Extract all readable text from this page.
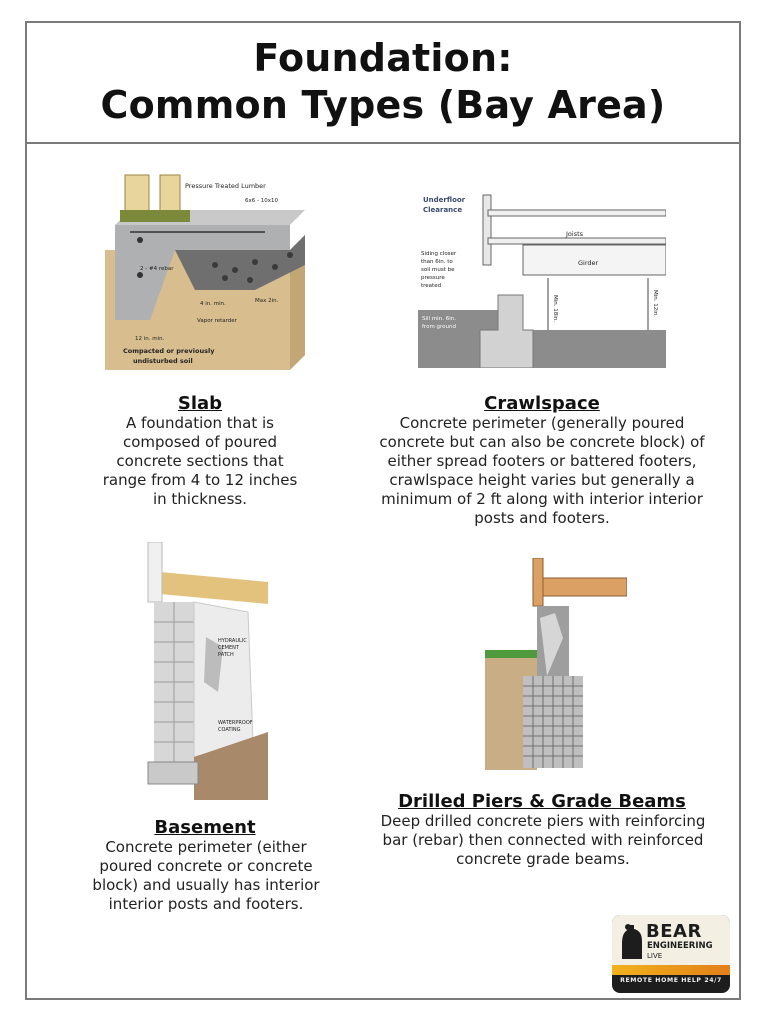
Foundation:
Common Types (Bay Area)
Pressure Treated Lumber
6x6 - 10x10
2 - #4 rebar
4 in. min.	Max 2in.
Vapor retarder
12 in. min.
Compacted or previously
undisturbed soil
Slab
A foundation that is composed of poured concrete sections that range from 4 to 12 inches in thickness.
Underfloor
Clearance
Joists
Girder
Siding closer
than 6in. to
soil must be
pressure
treated
Sill min. 6in.
from ground
Min. 18in.	Min. 12in.
Crawlspace
Concrete perimeter (generally poured concrete but can also be concrete block) of either spread footers or battered footers, crawlspace height varies but generally a minimum of 2 ft along with interior interior posts and footers.
HYDRAULIC
CEMENT
PATCH
WATERPROOF
COATING
Basement
Concrete perimeter (either poured concrete or concrete block) and usually has interior interior posts and footers.
Drilled Piers & Grade Beams
Deep drilled concrete piers with reinforcing bar (rebar) then connected with reinforced concrete grade beams.
BEAR
ENGINEERING
LIVE
REMOTE HOME HELP 24/7
